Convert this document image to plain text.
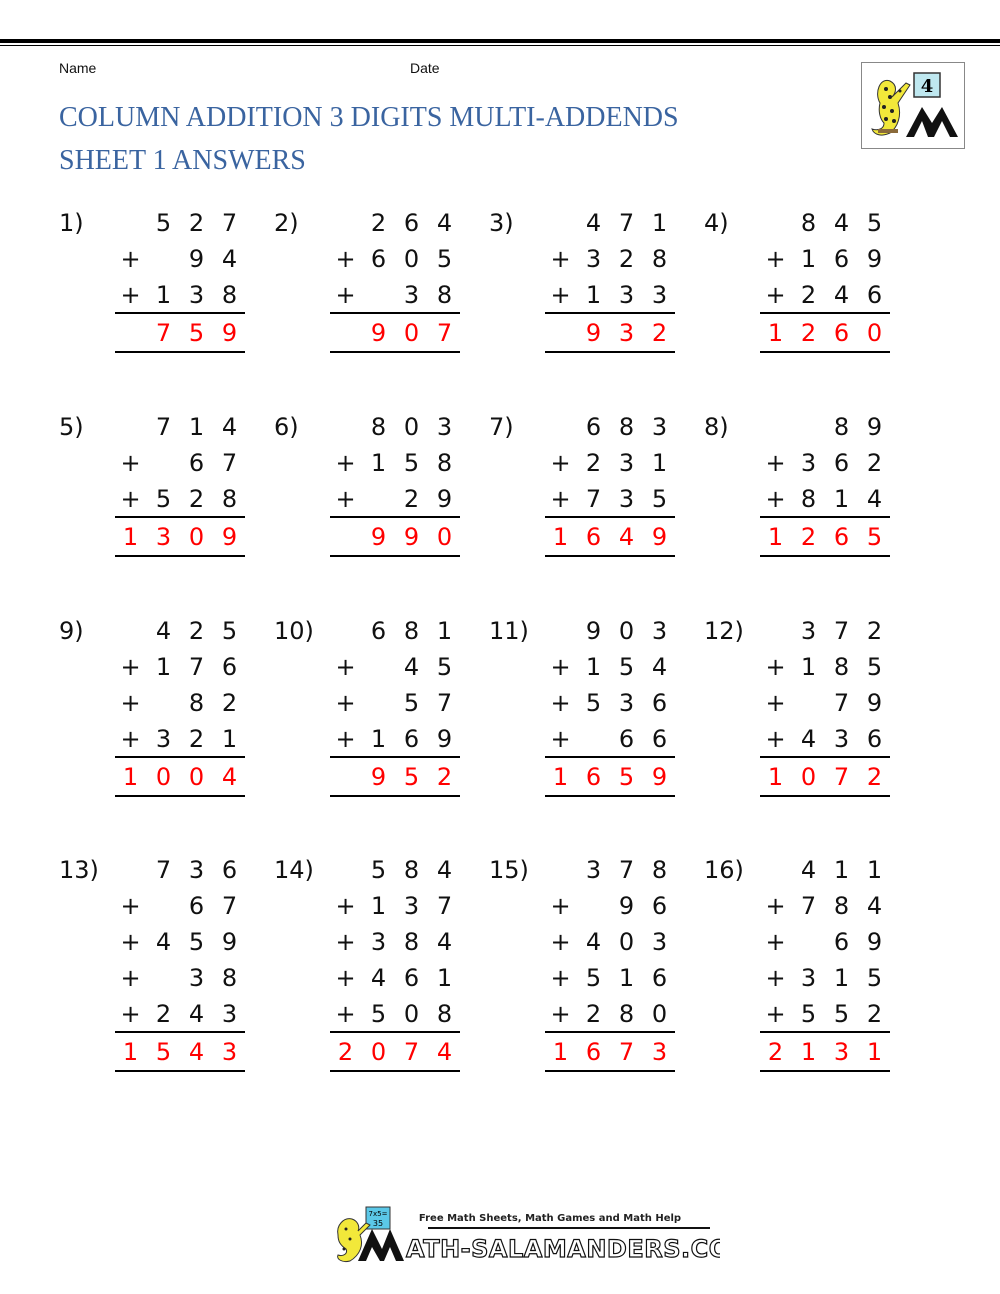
Name	Date
COLUMN ADDITION 3 DIGITS MULTI-ADDENDS
SHEET 1 ANSWERS
4
1)	5 2 7
+	9 4
+ 1 3 8
7 5 9
2)	2 6 4
+ 6 0 5
+	3 8
9 0 7
3)	4 7 1
+ 3 2 8
+ 1 3 3
9 3 2
4)	8 4 5
+ 1 6 9
+ 2 4 6
1 2 6 0
5)	7 1 4
+	6 7
+ 5 2 8
1 3 0 9
6)	8 0 3
+ 1 5 8
+	2 9
9 9 0
7)	6 8 3
+ 2 3 1
+ 7 3 5
1 6 4 9
8)	8 9
+ 3 6 2
+ 8 1 4
1 2 6 5
9)	4 2 5
+ 1 7 6
+	8 2
+ 3 2 1
1 0 0 4
10)	6 8 1
+	4 5
+	5 7
+ 1 6 9
9 5 2
11)	9 0 3
+ 1 5 4
+ 5 3 6
+	6 6
1 6 5 9
12)	3 7 2
+ 1 8 5
+	7 9
+ 4 3 6
1 0 7 2
13)	7 3 6
+	6 7
+ 4 5 9
+	3 8
+ 2 4 3
1 5 4 3
14)	5 8 4
+ 1 3 7
+ 3 8 4
+ 4 6 1
+ 5 0 8
2 0 7 4
15)	3 7 8
+	9 6
+ 4 0 3
+ 5 1 6
+ 2 8 0
1 6 7 3
16)	4 1 1
+ 7 8 4
+	6 9
+ 3 1 5
+ 5 5 2
2 1 3 1
7x5=
35	Free Math Sheets, Math Games and Math Help
ATH-SALAMANDERS.COM
